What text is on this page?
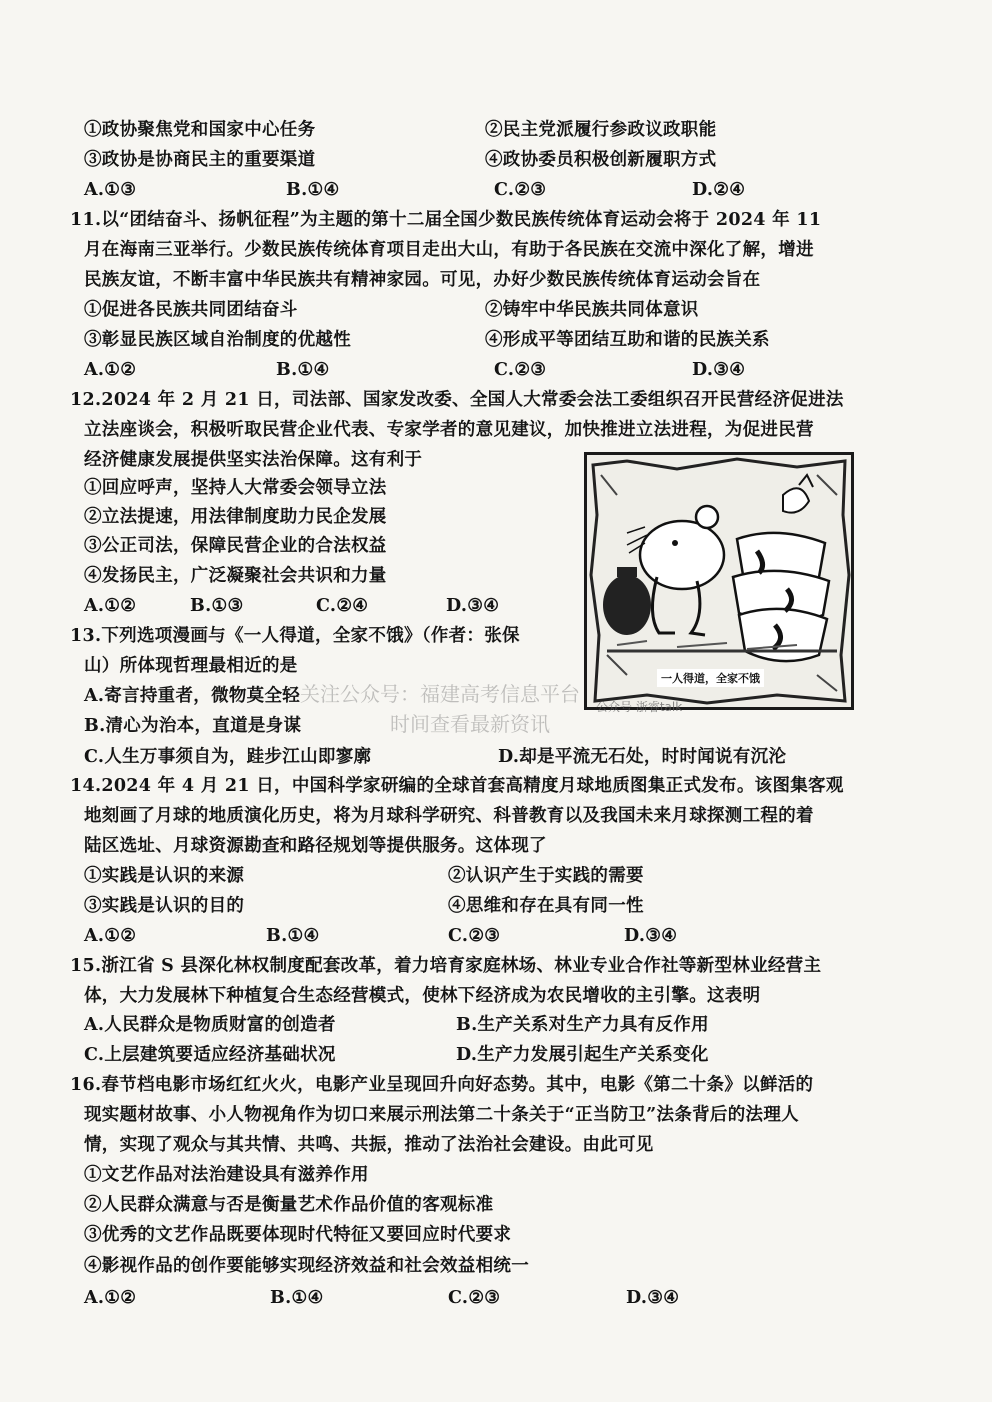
①政协聚焦党和国家中心任务	②民主党派履行参政议政职能
③政协是协商民主的重要渠道	④政协委员积极创新履职方式
A.①③	B.①④	C.②③	D.②④
11.以“团结奋斗、扬帆征程”为主题的第十二届全国少数民族传统体育运动会将于 2024 年 11
月在海南三亚举行。少数民族传统体育项目走出大山，有助于各民族在交流中深化了解，增进
民族友谊，不断丰富中华民族共有精神家园。可见，办好少数民族传统体育运动会旨在
①促进各民族共同团结奋斗	②铸牢中华民族共同体意识
③彰显民族区域自治制度的优越性	④形成平等团结互助和谐的民族关系
A.①②	B.①④	C.②③	D.③④
12.2024 年 2 月 21 日，司法部、国家发改委、全国人大常委会法工委组织召开民营经济促进法
立法座谈会，积极听取民营企业代表、专家学者的意见建议，加快推进立法进程，为促进民营
经济健康发展提供坚实法治保障。这有利于
①回应呼声，坚持人大常委会领导立法
②立法提速，用法律制度助力民企发展
③公正司法，保障民营企业的合法权益
④发扬民主，广泛凝聚社会共识和力量
A.①②	B.①③	C.②④	D.③④
一人得道，全家不饿
13.下列选项漫画与《一人得道，全家不饿》（作者：张保
山）所体现哲理最相近的是
A.寄言持重者，微物莫全轻
B.清心为治本，直道是身谋
C.人生万事须自为，跬步江山即寥廓	D.却是平流无石处，时时闻说有沉沦
14.2024 年 4 月 21 日，中国科学家研编的全球首套高精度月球地质图集正式发布。该图集客观
地刻画了月球的地质演化历史，将为月球科学研究、科普教育以及我国未来月球探测工程的着
陆区选址、月球资源勘查和路径规划等提供服务。这体现了
①实践是认识的来源	②认识产生于实践的需要
③实践是认识的目的	④思维和存在具有同一性
A.①②	B.①④	C.②③	D.③④
15.浙江省 S 县深化林权制度配套改革，着力培育家庭林场、林业专业合作社等新型林业经营主
体，大力发展林下种植复合生态经营模式，使林下经济成为农民增收的主引擎。这表明
A.人民群众是物质财富的创造者	B.生产关系对生产力具有反作用
C.上层建筑要适应经济基础状况	D.生产力发展引起生产关系变化
16.春节档电影市场红红火火，电影产业呈现回升向好态势。其中，电影《第二十条》以鲜活的
现实题材故事、小人物视角作为切口来展示刑法第二十条关于“正当防卫”法条背后的法理人
情，实现了观众与其共情、共鸣、共振，推动了法治社会建设。由此可见
①文艺作品对法治建设具有滋养作用
②人民群众满意与否是衡量艺术作品价值的客观标准
③优秀的文艺作品既要体现时代特征又要回应时代要求
④影视作品的创作要能够实现经济效益和社会效益相统一
A.①②	B.①④	C.②③	D.③④
关注公众号：福建高考信息平台
时间查看最新资讯
公众号 浙睿talk
